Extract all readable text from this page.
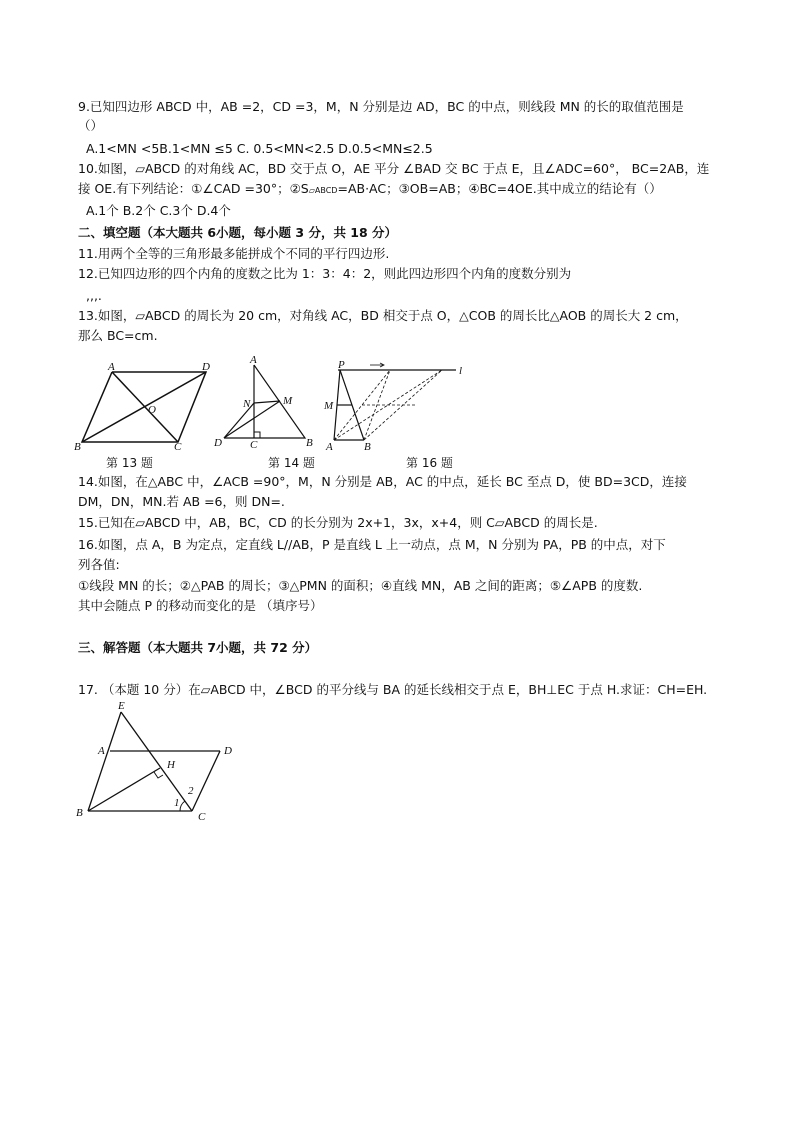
9.已知四边形 ABCD 中，AB =2，CD =3，M，N 分别是边 AD，BC 的中点，则线段 MN 的长的取值范围是
（）
A.1<MN <5B.1<MN ≤5 C. 0.5<MN<2.5 D.0.5<MN≤2.5
10.如图，▱ABCD 的对角线 AC，BD 交于点 O，AE 平分 ∠BAD 交 BC 于点 E，且∠ADC=60°， BC=2AB，连
接 OE.有下列结论：①∠CAD =30°；②S▱ABCD=AB·AC；③OB=AB；④BC=4OE.其中成立的结论有（）
A.1个 B.2个 C.3个 D.4个
二、填空题（本大题共 6小题，每小题 3 分，共 18 分）
11.用两个全等的三角形最多能拼成个不同的平行四边形.
12.已知四边形的四个内角的度数之比为 1：3：4：2，则此四边形四个内角的度数分别为
,,,.
13.如图，▱ABCD 的周长为 20 cm，对角线 AC，BD 相交于点 O，△COB 的周长比△AOB 的周长大 2 cm，
那么 BC=cm.
A	D
O
B	C
A
N	M
D	C	B
P	l
M
A	B
第 13 题	第 14 题	第 16 题
14.如图，在△ABC 中，∠ACB =90°，M，N 分别是 AB，AC 的中点，延长 BC 至点 D，使 BD=3CD，连接
DM，DN，MN.若 AB =6，则 DN=.
15.已知在▱ABCD 中，AB，BC，CD 的长分别为 2x+1，3x，x+4，则 C▱ABCD 的周长是.
16.如图，点 A，B 为定点，定直线 L//AB，P 是直线 L 上一动点，点 M，N 分别为 PA，PB 的中点，对下
列各值:
①线段 MN 的长；②△PAB 的周长；③△PMN 的面积；④直线 MN，AB 之间的距离；⑤∠APB 的度数.
其中会随点 P 的移动而变化的是 （填序号）
三、解答题（本大题共 7小题，共 72 分）
17. （本题 10 分）在▱ABCD 中，∠BCD 的平分线与 BA 的延长线相交于点 E，BH⊥EC 于点 H.求证：CH=EH.
E
A	D
H
B	C
1
2
